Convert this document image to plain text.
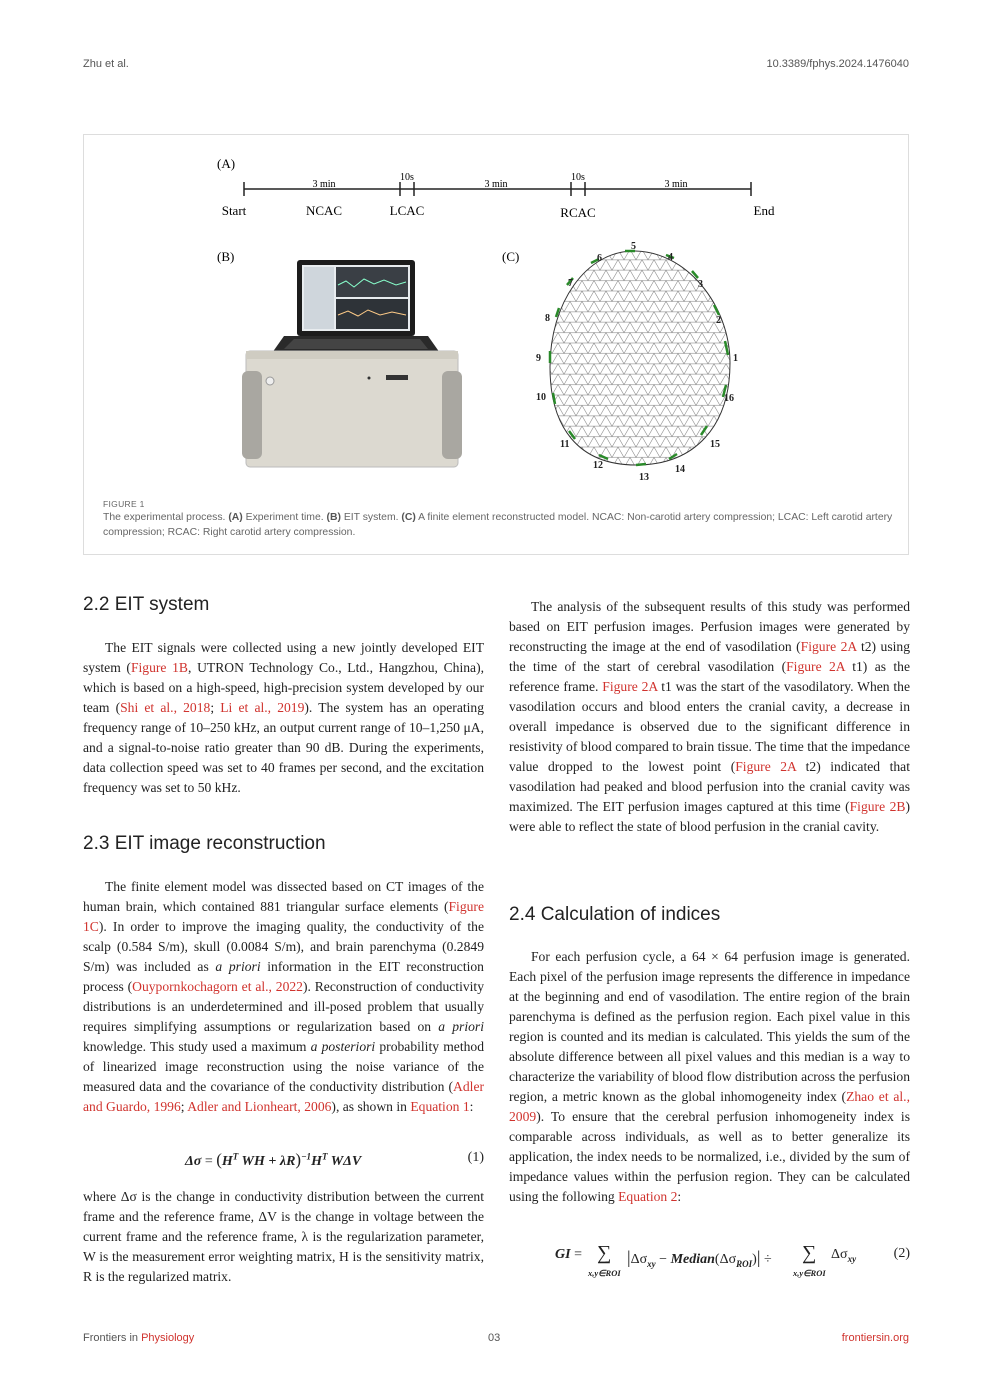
Zhu et al.	10.3389/fphys.2024.1476040
(A)
3 min
10s
3 min
10s
3 min
Start	NCAC	LCAC	RCAC	End
(B)	(C)
1
2
3
4
5
6
7
8
9
10
11
12
13
14
15
16
FIGURE 1
The experimental process. (A) Experiment time. (B) EIT system. (C) A finite element reconstructed model. NCAC: Non-carotid artery compression; LCAC: Left carotid artery compression; RCAC: Right carotid artery compression.
2.2 EIT system

The EIT signals were collected using a new jointly developed EIT system (Figure 1B, UTRON Technology Co., Ltd., Hangzhou, China), which is based on a high-speed, high-precision system developed by our team (Shi et al., 2018; Li et al., 2019). The system has an operating frequency range of 10–250 kHz, an output current range of 10–1,250 μA, and a signal-to-noise ratio greater than 90 dB. During the experiments, data collection speed was set to 40 frames per second, and the excitation frequency was set to 50 kHz.

2.3 EIT image reconstruction

The finite element model was dissected based on CT images of the human brain, which contained 881 triangular surface elements (Figure 1C). In order to improve the imaging quality, the conductivity of the scalp (0.584 S/m), skull (0.0084 S/m), and brain parenchyma (0.2849 S/m) was included as a priori information in the EIT reconstruction process (Ouypornkochagorn et al., 2022). Reconstruction of conductivity distributions is an underdetermined and ill-posed problem that usually requires simplifying assumptions or regularization based on a priori knowledge. This study used a maximum a posteriori probability method of linearized image reconstruction using the noise variance of the measured data and the covariance of the conductivity distribution (Adler and Guardo, 1996; Adler and Lionheart, 2006), as shown in Equation 1:

$\Delta\sigma = (H^T$ WH + $\lambda R)^{-1}H^T$ WΔV	(1)

where Δσ is the change in conductivity distribution between the current frame and the reference frame, ΔV is the change in voltage between the current frame and the reference frame, λ is the regularization parameter, W is the measurement error weighting matrix, H is the sensitivity matrix, R is the regularized matrix.

The analysis of the subsequent results of this study was performed based on EIT perfusion images. Perfusion images were generated by reconstructing the image at the end of vasodilation (Figure 2A t2) using the time of the start of cerebral vasodilation (Figure 2A t1) as the reference frame. Figure 2A t1 was the start of the vasodilatory. When the vasodilation occurs and blood enters the cranial cavity, a decrease in overall impedance is observed due to the significant difference in resistivity of blood compared to brain tissue. The time that the impedance value dropped to the lowest point (Figure 2A t2) indicated that vasodilation had peaked and blood perfusion into the cranial cavity was maximized. The EIT perfusion images captured at this time (Figure 2B) were able to reflect the state of blood perfusion in the cranial cavity.

2.4 Calculation of indices

For each perfusion cycle, a 64 × 64 perfusion image is generated. Each pixel of the perfusion image represents the difference in impedance at the beginning and end of vasodilation. The entire region of the brain parenchyma is defined as the perfusion region. Each pixel value in this region is counted and its median is calculated. This yields the sum of the absolute difference between all pixel values and this median is a way to characterize the variability of blood flow distribution across the perfusion region, a metric known as the global inhomogeneity index (Zhao et al., 2009). To ensure that the cerebral perfusion inhomogeneity index is comparable across individuals, as well as to better generalize its application, the index needs to be normalized, i.e., divided by the sum of impedance values within the perfusion region. They can be calculated using the following Equation 2:

GI = ∑
x,y∈ROI
$|\Delta\sigma_{xy}$ − $Median(\Delta\sigma_{ROI})|$ ÷ ∑
x,y∈ROI
$\Delta\sigma_{xy}$	(2)
Frontiers in Physiology	03	frontiersin.org
